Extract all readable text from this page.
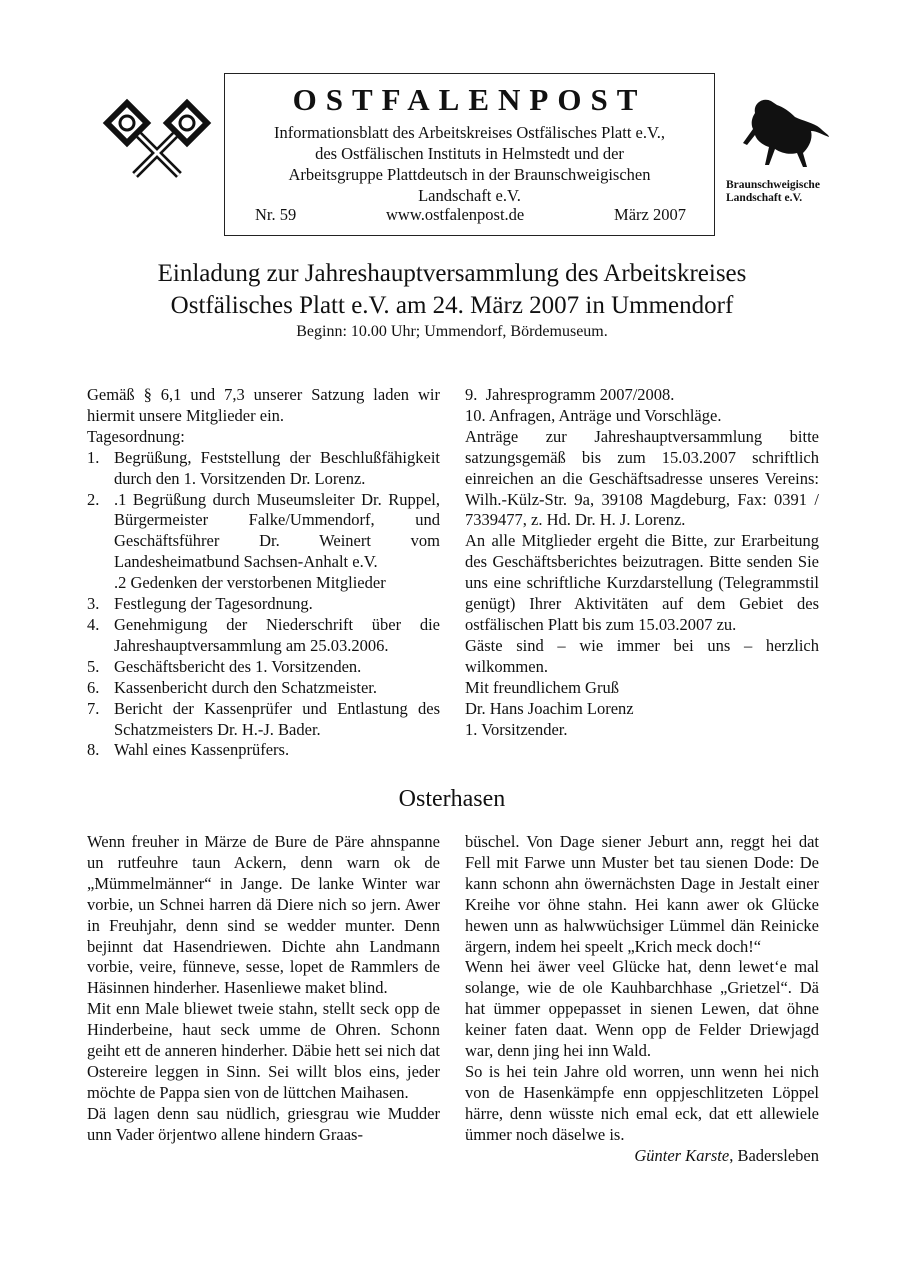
OSTFALENPOST
Informationsblatt des Arbeitskreises Ostfälisches Platt e.V.,
des Ostfälischen Instituts in Helmstedt und der
Arbeitsgruppe Plattdeutsch in der Braunschweigischen
Landschaft e.V.
Nr. 59	www.ostfalenpost.de	März 2007
Braunschweigische
Landschaft e.V.
Einladung zur Jahreshauptversammlung des Arbeitskreises
Ostfälisches Platt e.V. am 24. März 2007 in Ummendorf
Beginn: 10.00 Uhr; Ummendorf, Bördemuseum.

Gemäß § 6,1 und 7,3 unserer Satzung laden wir hiermit unsere Mitglieder ein.

Tagesordnung:

1. Begrüßung, Feststellung der Beschlußfähigkeit durch den 1. Vorsitzenden Dr. Lorenz.
2. .1 Begrüßung durch Museumsleiter Dr. Ruppel, Bürgermeister Falke/Ummendorf, und Geschäftsführer Dr. Weinert vom Landesheimatbund Sachsen-Anhalt e.V.
.2 Gedenken der verstorbenen Mitglieder
3. Festlegung der Tagesordnung.
4. Genehmigung der Niederschrift über die Jahreshauptversammlung am 25.03.2006.
5. Geschäftsbericht des 1. Vorsitzenden.
6. Kassenbericht durch den Schatzmeister.
7. Bericht der Kassenprüfer und Entlastung des Schatzmeisters Dr. H.-J. Bader.
8. Wahl eines Kassenprüfers.

9.  Jahresprogramm 2007/2008.

10. Anfragen, Anträge und Vorschläge.

Anträge zur Jahreshauptversammlung bitte satzungsgemäß bis zum 15.03.2007 schriftlich einreichen an die Geschäftsadresse unseres Vereins: Wilh.-Külz-Str. 9a, 39108 Magdeburg, Fax: 0391 / 7339477, z. Hd. Dr. H. J. Lorenz.

An alle Mitglieder ergeht die Bitte, zur Erarbeitung des Geschäftsberichtes beizutragen. Bitte senden Sie uns eine schriftliche Kurzdarstellung (Telegrammstil genügt) Ihrer Aktivitäten auf dem Gebiet des ostfälischen Platt bis zum 15.03.2007 zu.

Gäste sind – wie immer bei uns – herzlich wilkommen.

Mit freundlichem Gruß

Dr. Hans Joachim Lorenz

1. Vorsitzender.

Osterhasen

Wenn freuher in Märze de Bure de Päre ahnspanne un rutfeuhre taun Ackern, denn warn ok de „Mümmelmänner“ in Jange. De lanke Winter war vorbie, un Schnei harren dä Diere nich so jern. Awer in Freuhjahr, denn sind se wedder munter. Denn bejinnt dat Hasendriewen. Dichte ahn Landmann vorbie, veire, fünneve, sesse, lopet de Rammlers de Häsinnen hinderher. Hasenliewe maket blind.

Mit enn Male bliewet tweie stahn, stellt seck opp de Hinderbeine, haut seck umme de Ohren. Schonn geiht ett de anneren hinderher. Däbie hett sei nich dat Ostereire leggen in Sinn. Sei willt blos eins, jeder möchte de Pappa sien von de lüttchen Maihasen.

Dä lagen denn sau nüdlich, griesgrau wie Mudder unn Vader örjentwo allene hindern Graas-

büschel. Von Dage siener Jeburt ann, reggt hei dat Fell mit Farwe unn Muster bet tau sienen Dode: De kann schonn ahn öwernächsten Dage in Jestalt einer Kreihe vor öhne stahn. Hei kann awer ok Glücke hewen unn as halwwüchsiger Lümmel dän Reinicke ärgern, indem hei speelt „Krich meck doch!“

Wenn hei äwer veel Glücke hat, denn lewet‘e mal solange, wie de ole Kauhbarchhase „Grietzel“. Dä hat ümmer oppepasset in sienen Lewen, dat öhne keiner faten daat. Wenn opp de Felder Driewjagd war, denn jing hei inn Wald.

So is hei tein Jahre old worren, unn wenn hei nich von de Hasenkämpfe enn oppjeschlitzeten Löppel härre, denn wüsste nich emal eck, dat ett allewiele ümmer noch däselwe is.

Günter Karste, Badersleben
